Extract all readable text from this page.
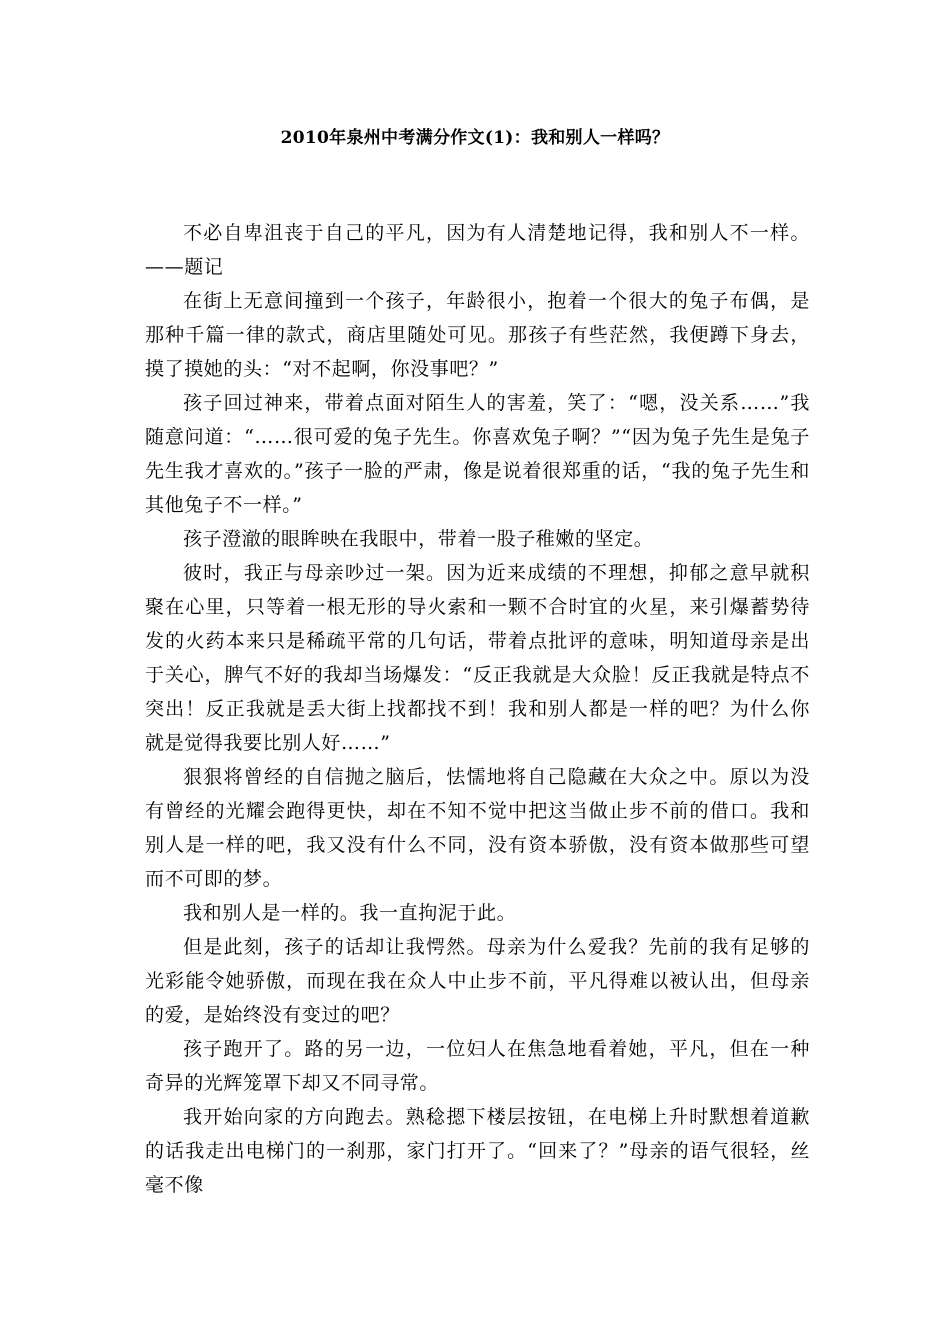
2010年泉州中考满分作文(1)：我和别人一样吗？

不必自卑沮丧于自己的平凡，因为有人清楚地记得，我和别人不一样。——题记

在街上无意间撞到一个孩子，年龄很小，抱着一个很大的兔子布偶，是那种千篇一律的款式，商店里随处可见。那孩子有些茫然，我便蹲下身去，摸了摸她的头：“对不起啊，你没事吧？”

孩子回过神来，带着点面对陌生人的害羞，笑了：“嗯，没关系……”我随意问道：“……很可爱的兔子先生。你喜欢兔子啊？”“因为兔子先生是兔子先生我才喜欢的。”孩子一脸的严肃，像是说着很郑重的话，“我的兔子先生和其他兔子不一样。”

孩子澄澈的眼眸映在我眼中，带着一股子稚嫩的坚定。

彼时，我正与母亲吵过一架。因为近来成绩的不理想，抑郁之意早就积聚在心里，只等着一根无形的导火索和一颗不合时宜的火星，来引爆蓄势待发的火药本来只是稀疏平常的几句话，带着点批评的意味，明知道母亲是出于关心，脾气不好的我却当场爆发：“反正我就是大众脸！反正我就是特点不突出！反正我就是丢大街上找都找不到！我和别人都是一样的吧？为什么你就是觉得我要比别人好……”

狠狠将曾经的自信抛之脑后，怯懦地将自己隐藏在大众之中。原以为没有曾经的光耀会跑得更快，却在不知不觉中把这当做止步不前的借口。我和别人是一样的吧，我又没有什么不同，没有资本骄傲，没有资本做那些可望而不可即的梦。

我和别人是一样的。我一直拘泥于此。

但是此刻，孩子的话却让我愕然。母亲为什么爱我？先前的我有足够的光彩能令她骄傲，而现在我在众人中止步不前，平凡得难以被认出，但母亲的爱，是始终没有变过的吧？

孩子跑开了。路的另一边，一位妇人在焦急地看着她，平凡，但在一种奇异的光辉笼罩下却又不同寻常。

我开始向家的方向跑去。熟稔摁下楼层按钮，在电梯上升时默想着道歉的话我走出电梯门的一刹那，家门打开了。“回来了？”母亲的语气很轻，丝毫不像
